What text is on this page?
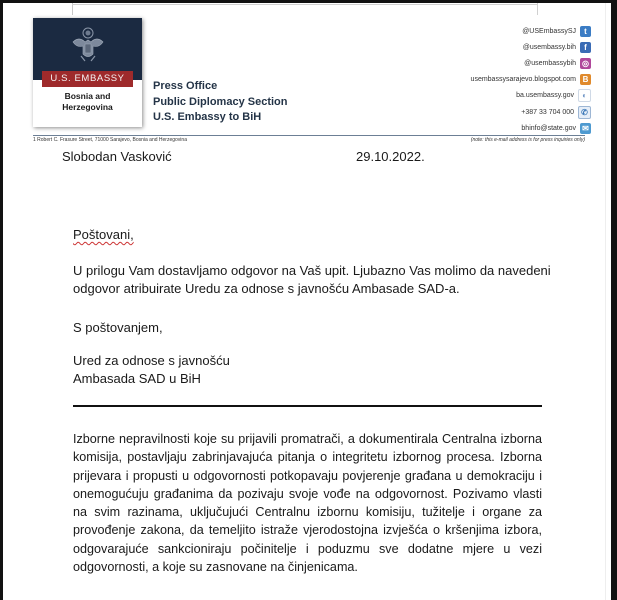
U.S. EMBASSY
Bosnia and
Herzegovina
Press Office
Public Diplomacy Section
U.S. Embassy to BiH
@USEmbassySJ	t
@usembassy.bih	f
@usembassybih ◎
usembassysarajevo.blogspot.com B
ba.usembassy.gov	◐
+387 33 704 000 ✆
bhinfo@state.gov ✉
1 Robert C. Frasure Street, 71000 Sarajevo, Bosnia and Herzegovina	(note: this e-mail address is for press inquiries only)
Slobodan Vasković	29.10.2022.
Poštovani,
U prilogu Vam dostavljamo odgovor na Vaš upit. Ljubazno Vas molimo da navedeni odgovor atribuirate Uredu za odnose s javnošću Ambasade SAD-a.
S poštovanjem,
Ured za odnose s javnošću
Ambasada SAD u BiH
Izborne nepravilnosti koje su prijavili promatrači, a dokumentirala Centralna izborna komisija, postavljaju zabrinjavajuća pitanja o integritetu izbornog procesa. Izborna prijevara i propusti u odgovornosti potkopavaju povjerenje građana u demokraciju i onemogućuju građanima da pozivaju svoje vođe na odgovornost. Pozivamo vlasti na svim razinama, uključujući Centralnu izbornu komisiju, tužitelje i organe za provođenje zakona, da temeljito istraže vjerodostojna izvješća o kršenjima izbora, odgovarajuće sankcioniraju počinitelje i poduzmu sve dodatne mjere u vezi odgovornosti, a koje su zasnovane na činjenicama.
